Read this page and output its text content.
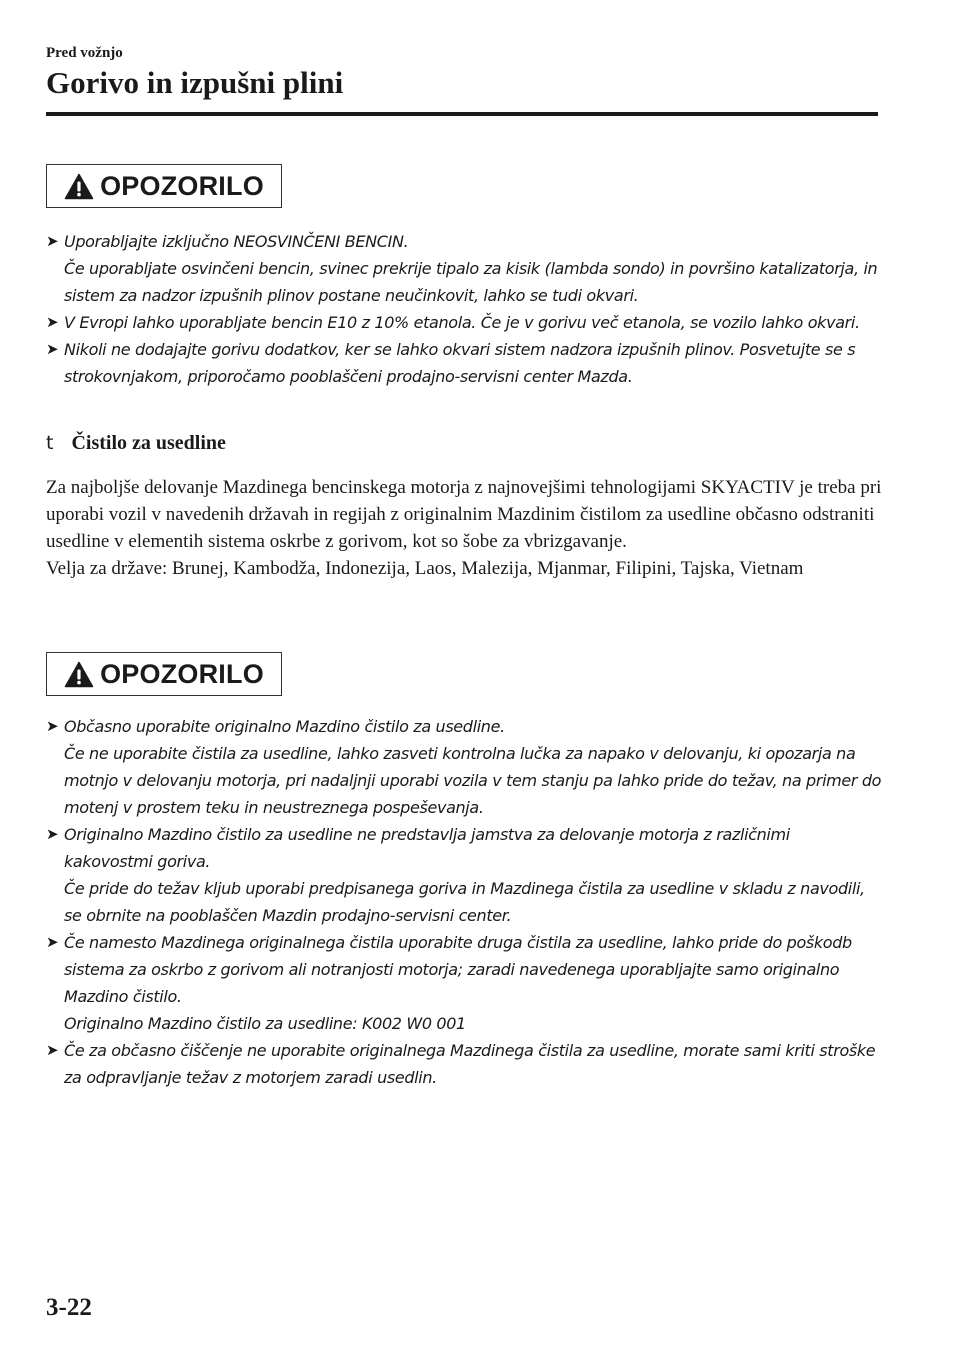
Pred vožnjo
Gorivo in izpušni plini
OPOZORILO
➤ Uporabljajte izključno NEOSVINČENI BENCIN.

Če uporabljate osvinčeni bencin, svinec prekrije tipalo za kisik (lambda sondo) in površino katalizatorja, in sistem za nadzor izpušnih plinov postane neučinkovit, lahko se tudi okvari.

➤ V Evropi lahko uporabljate bencin E10 z 10% etanola. Če je v gorivu več etanola, se vozilo lahko okvari.

➤ Nikoli ne dodajajte gorivu dodatkov, ker se lahko okvari sistem nadzora izpušnih plinov. Posvetujte se s strokovnjakom, priporočamo pooblaščeni prodajno-servisni center Mazda.

t Čistilo za usedline

Za najboljše delovanje Mazdinega bencinskega motorja z najnovejšimi tehnologijami SKYACTIV je treba pri uporabi vozil v navedenih državah in regijah z originalnim Mazdinim čistilom za usedline občasno odstraniti usedline v elementih sistema oskrbe z gorivom, kot so šobe za vbrizgavanje.

Velja za države: Brunej, Kambodža, Indonezija, Laos, Malezija, Mjanmar, Filipini, Tajska, Vietnam

OPOZORILO
➤ Občasno uporabite originalno Mazdino čistilo za usedline.

Če ne uporabite čistila za usedline, lahko zasveti kontrolna lučka za napako v delovanju, ki opozarja na motnjo v delovanju motorja, pri nadaljnji uporabi vozila v tem stanju pa lahko pride do težav, na primer do motenj v prostem teku in neustreznega pospeševanja.

➤ Originalno Mazdino čistilo za usedline ne predstavlja jamstva za delovanje motorja z različnimi kakovostmi goriva.

Če pride do težav kljub uporabi predpisanega goriva in Mazdinega čistila za usedline v skladu z navodili, se obrnite na pooblaščen Mazdin prodajno-servisni center.

➤ Če namesto Mazdinega originalnega čistila uporabite druga čistila za usedline, lahko pride do poškodb sistema za oskrbo z gorivom ali notranjosti motorja; zaradi navedenega uporabljajte samo originalno Mazdino čistilo.

Originalno Mazdino čistilo za usedline: K002 W0 001

➤ Če za občasno čiščenje ne uporabite originalnega Mazdinega čistila za usedline, morate sami kriti stroške za odpravljanje težav z motorjem zaradi usedlin.

3-22
